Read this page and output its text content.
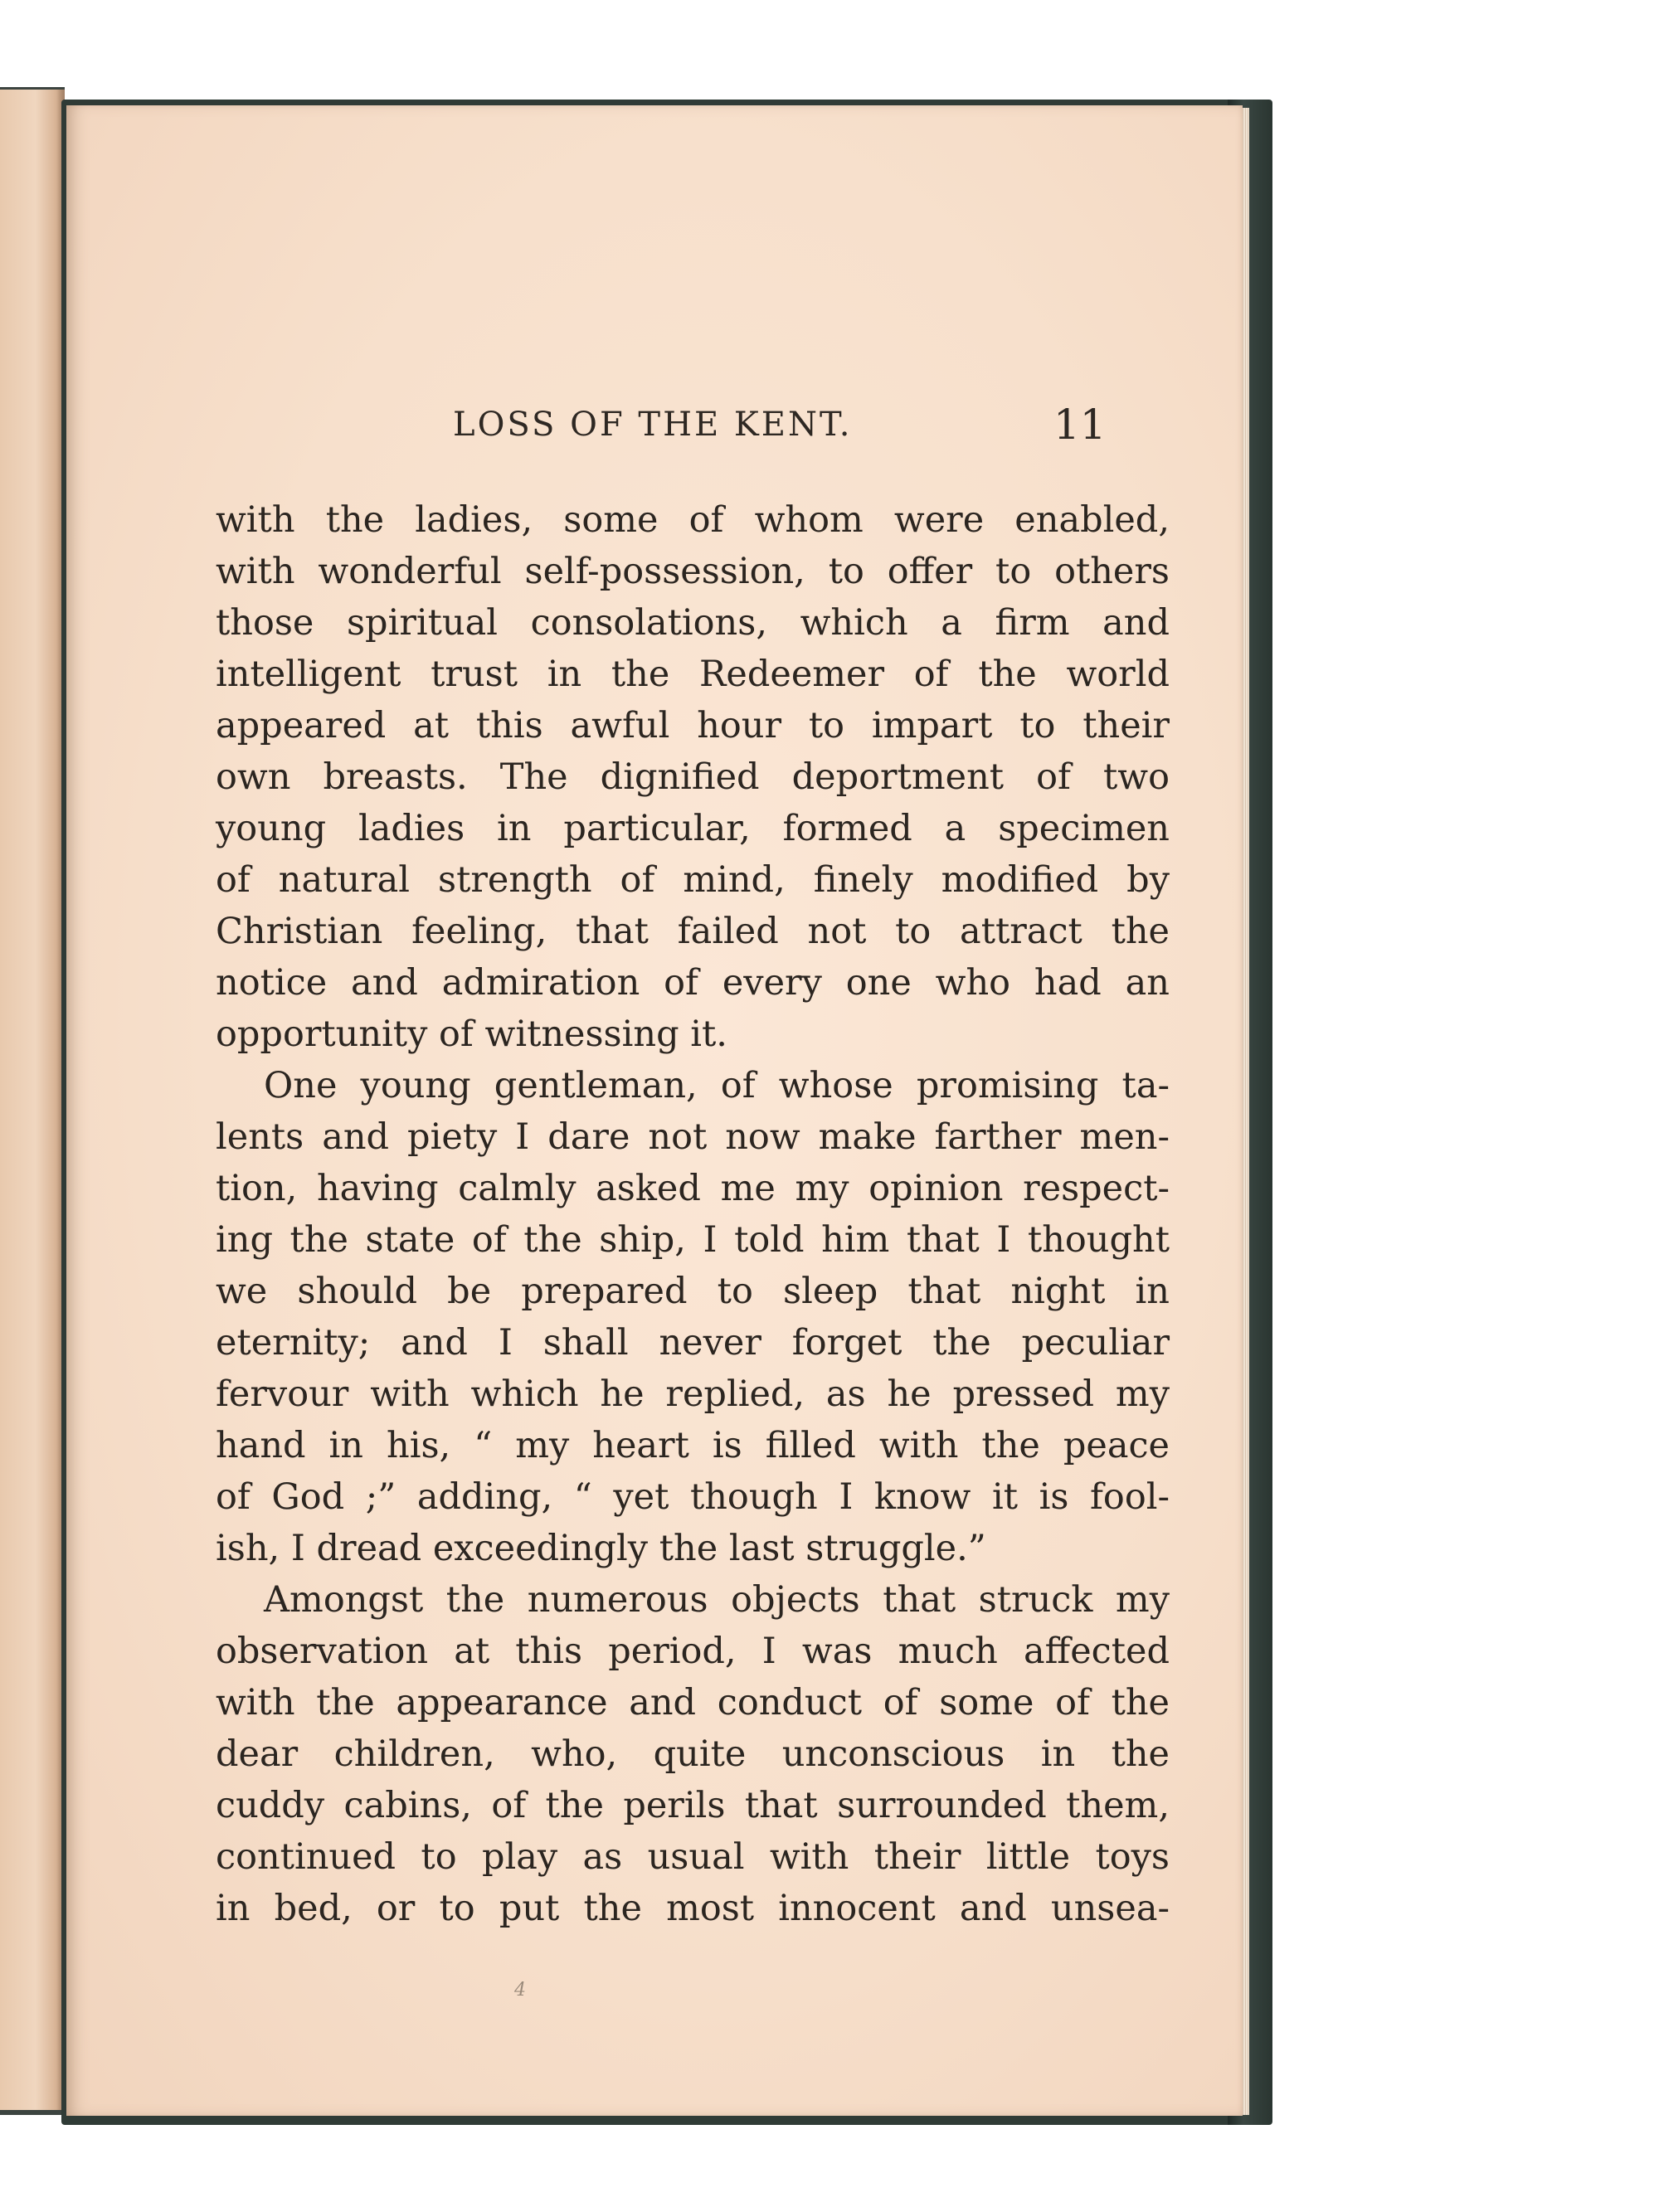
LOSS OF THE KENT.	11
with the ladies, some of whom were enabled,
with wonderful self-possession, to offer to others
those spiritual consolations, which a firm and
intelligent trust in the Redeemer of the world
appeared at this awful hour to impart to their
own breasts. The dignified deportment of two
young ladies in particular, formed a specimen
of natural strength of mind, finely modified by
Christian feeling, that failed not to attract the
notice and admiration of every one who had an
opportunity of witnessing it.
One young gentleman, of whose promising ta-
lents and piety I dare not now make farther men-
tion, having calmly asked me my opinion respect-
ing the state of the ship, I told him that I thought
we should be prepared to sleep that night in
eternity; and I shall never forget the peculiar
fervour with which he replied, as he pressed my
hand in his, “ my heart is filled with the peace
of God ;” adding, “ yet though I know it is fool-
ish, I dread exceedingly the last struggle.”
Amongst the numerous objects that struck my
observation at this period, I was much affected
with the appearance and conduct of some of the
dear children, who, quite unconscious in the
cuddy cabins, of the perils that surrounded them,
continued to play as usual with their little toys
in bed, or to put the most innocent and unsea-
4
